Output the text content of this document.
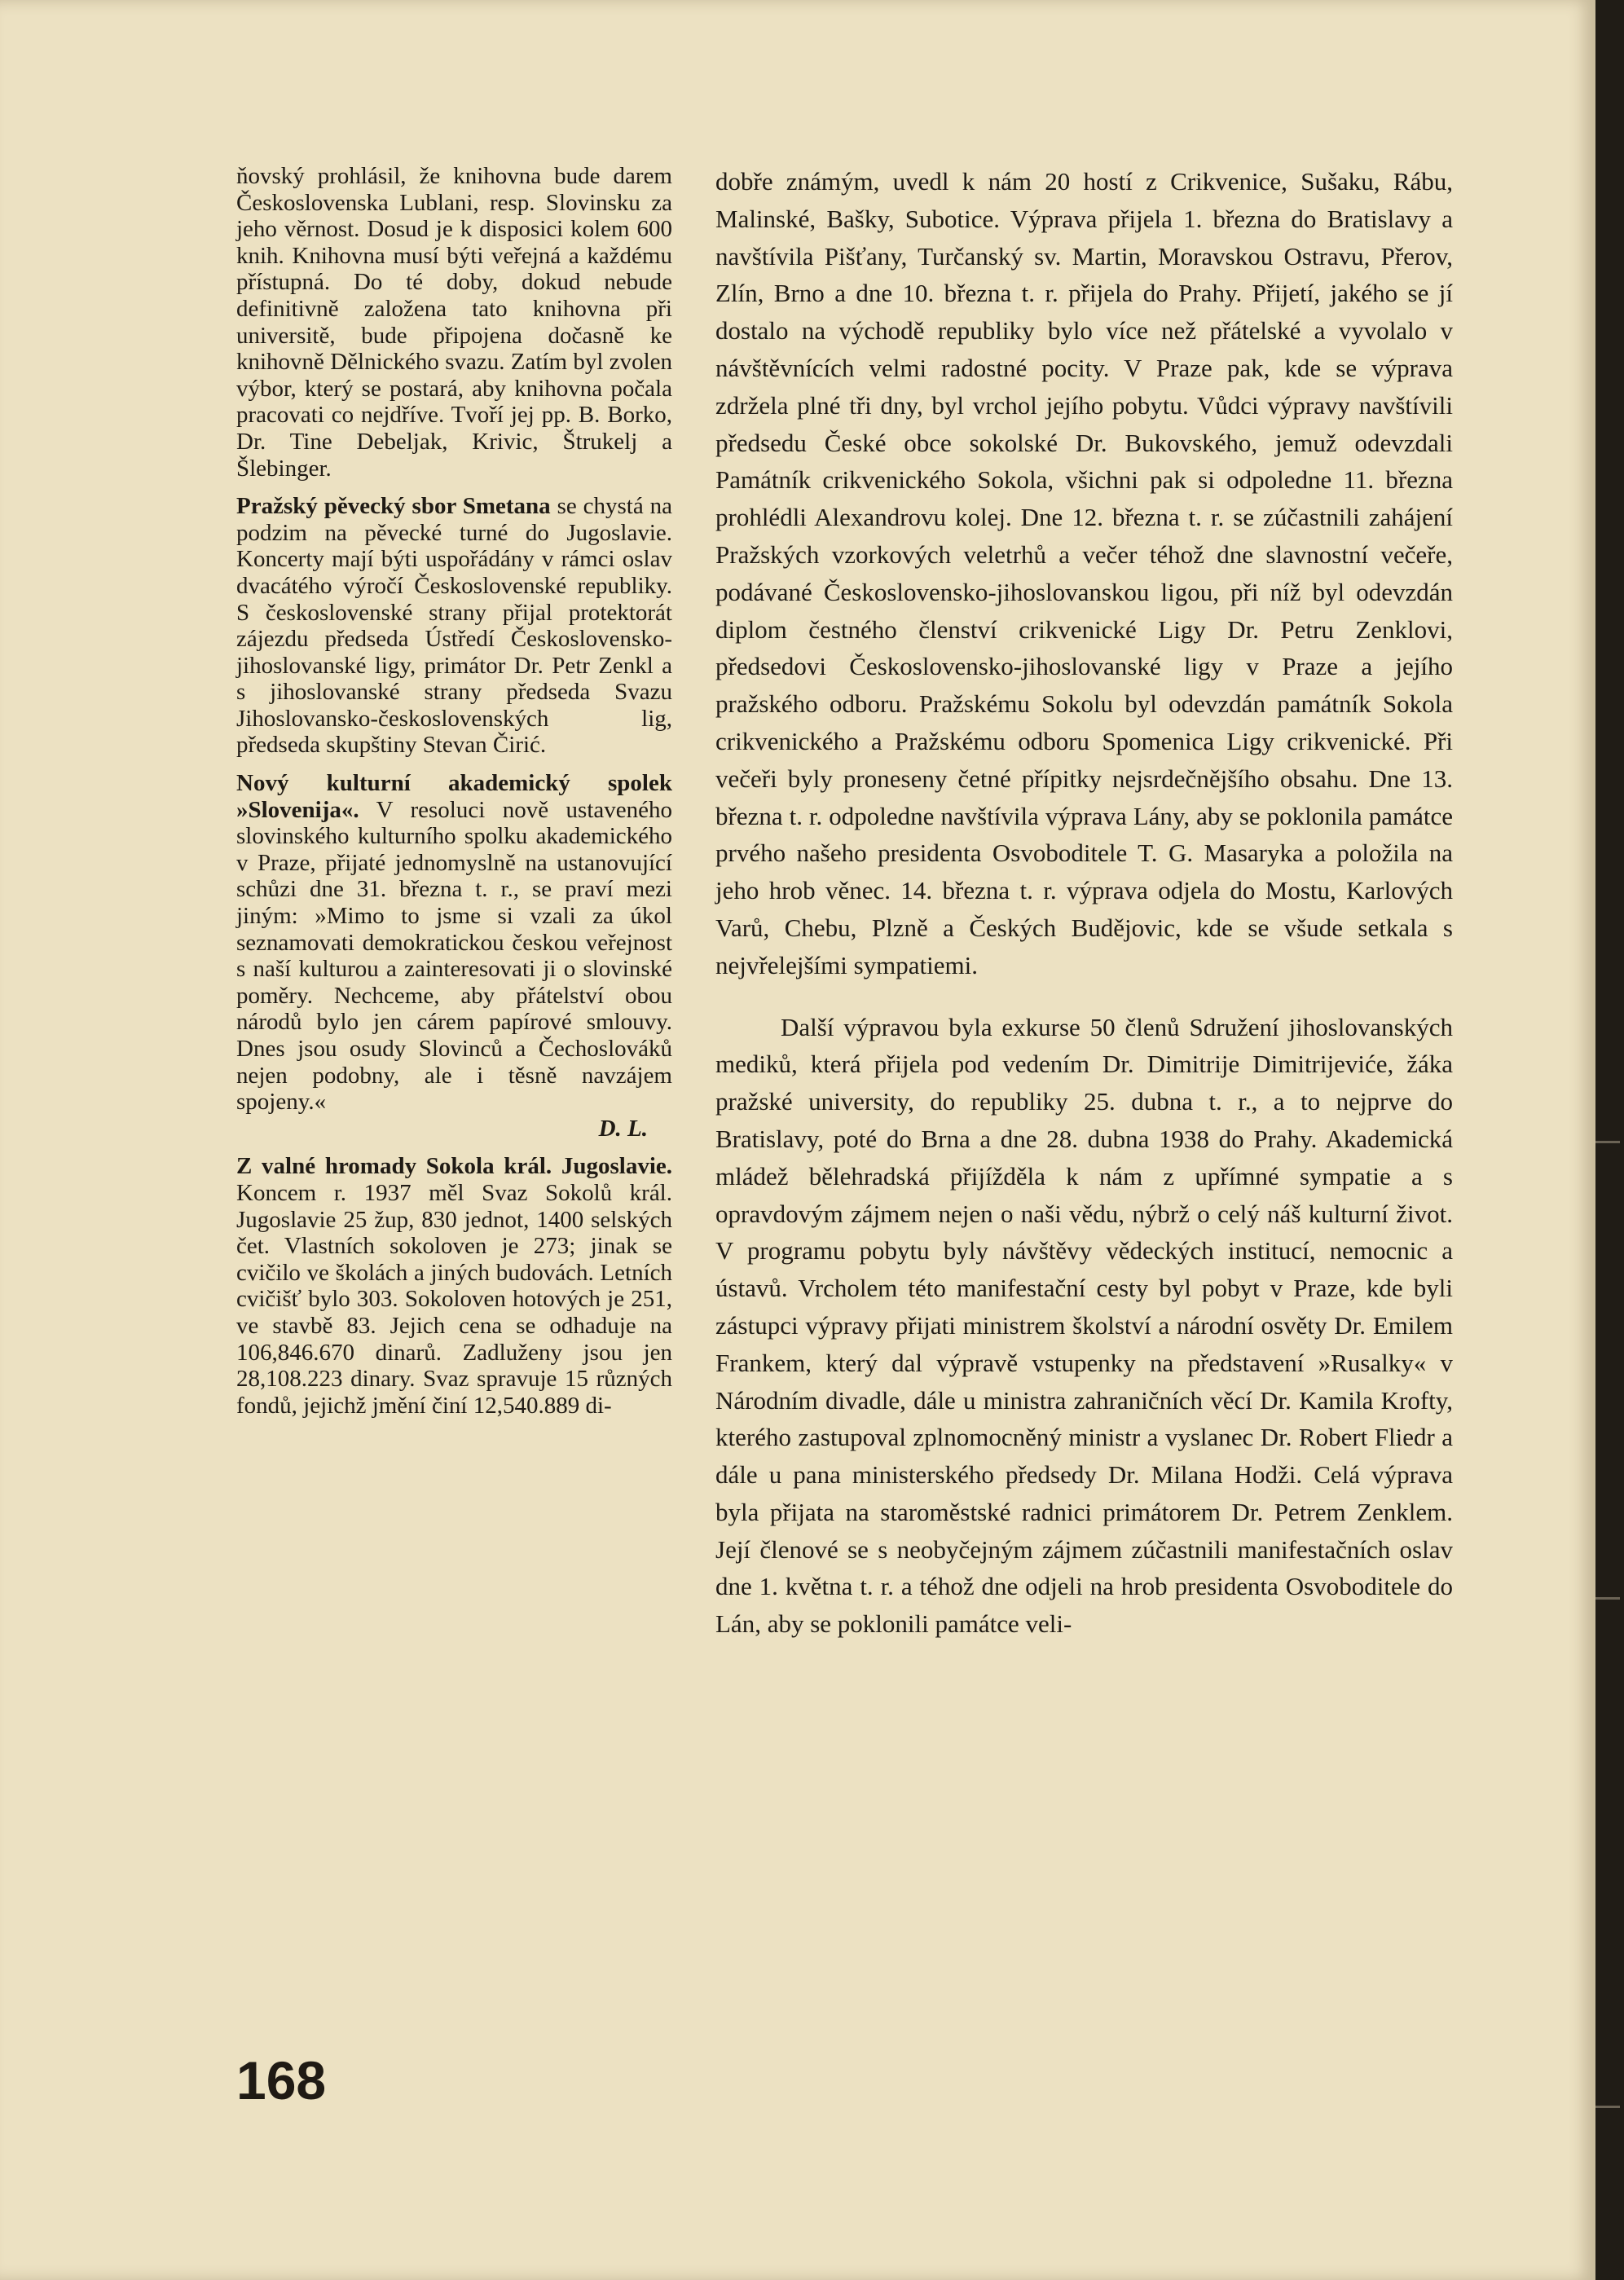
ňovský prohlásil, že knihovna bude darem Československa Lublani, resp. Slovinsku za jeho věrnost. Dosud je k disposici kolem 600 knih. Knihovna musí býti veřejná a každému přístupná. Do té doby, dokud nebude definitivně založena tato knihovna při universitě, bude připojena dočasně ke knihovně Dělnického svazu. Zatím byl zvolen výbor, který se postará, aby knihovna počala pracovati co nejdříve. Tvoří jej pp. B. Borko, Dr. Tine Debeljak, Krivic, Štrukelj a Šlebinger.

Pražský pěvecký sbor Smetana se chystá na podzim na pěvecké turné do Jugoslavie. Koncerty mají býti uspořádány v rámci oslav dvacátého výročí Československé republiky. S československé strany přijal protektorát zájezdu předseda Ústředí Československo-jihoslovanské ligy, primátor Dr. Petr Zenkl a s jihoslovanské strany předseda Svazu Jihoslovansko-československých lig, předseda skupštiny Stevan Čirić.

Nový kulturní akademický spolek »Slovenija«. V resoluci nově ustaveného slovinského kulturního spolku akademického v Praze, přijaté jednomyslně na ustanovující schůzi dne 31. března t. r., se praví mezi jiným: »Mimo to jsme si vzali za úkol seznamovati demokratickou českou veřejnost s naší kulturou a zainteresovati ji o slovinské poměry. Nechceme, aby přátelství obou národů bylo jen cárem papírové smlouvy. Dnes jsou osudy Slovinců a Čechoslováků nejen podobny, ale i těsně navzájem spojeny.«

D. L.

Z valné hromady Sokola král. Jugoslavie. Koncem r. 1937 měl Svaz Sokolů král. Jugoslavie 25 žup, 830 jednot, 1400 selských čet. Vlastních sokoloven je 273; jinak se cvičilo ve školách a jiných budovách. Letních cvičišť bylo 303. Sokoloven hotových je 251, ve stavbě 83. Jejich cena se odhaduje na 106,846.670 dinarů. Zadluženy jsou jen 28,108.223 dinary. Svaz spravuje 15 různých fondů, jejichž jmění činí 12,540.889 di-

dobře známým, uvedl k nám 20 hostí z Crikvenice, Sušaku, Rábu, Malinské, Bašky, Subotice. Výprava přijela 1. března do Bratislavy a navštívila Pišťany, Turčanský sv. Martin, Moravskou Ostravu, Přerov, Zlín, Brno a dne 10. března t. r. přijela do Prahy. Přijetí, jakého se jí dostalo na východě republiky bylo více než přátelské a vyvolalo v návštěvnících velmi radostné pocity. V Praze pak, kde se výprava zdržela plné tři dny, byl vrchol jejího pobytu. Vůdci výpravy navštívili předsedu České obce sokolské Dr. Bukovského, jemuž odevzdali Památník crikvenického Sokola, všichni pak si odpoledne 11. března prohlédli Alexandrovu kolej. Dne 12. března t. r. se zúčastnili zahájení Pražských vzorkových veletrhů a večer téhož dne slavnostní večeře, podávané Československo-jihoslovanskou ligou, při níž byl odevzdán diplom čestného členství crikvenické Ligy Dr. Petru Zenklovi, předsedovi Československo-jihoslovanské ligy v Praze a jejího pražského odboru. Pražskému Sokolu byl odevzdán památník Sokola crikvenického a Pražskému odboru Spomenica Ligy crikvenické. Při večeři byly proneseny četné přípitky nejsrdečnějšího obsahu. Dne 13. března t. r. odpoledne navštívila výprava Lány, aby se poklonila památce prvého našeho presidenta Osvoboditele T. G. Masaryka a položila na jeho hrob věnec. 14. března t. r. výprava odjela do Mostu, Karlových Varů, Chebu, Plzně a Českých Budějovic, kde se všude setkala s nejvřelejšími sympatiemi.

Další výpravou byla exkurse 50 členů Sdružení jihoslovanských mediků, která přijela pod vedením Dr. Dimitrije Dimitrijeviće, žáka pražské university, do republiky 25. dubna t. r., a to nejprve do Bratislavy, poté do Brna a dne 28. dubna 1938 do Prahy. Akademická mládež bělehradská přijížděla k nám z upřímné sympatie a s opravdovým zájmem nejen o naši vědu, nýbrž o celý náš kulturní život. V programu pobytu byly návštěvy vědeckých institucí, nemocnic a ústavů. Vrcholem této manifestační cesty byl pobyt v Praze, kde byli zástupci výpravy přijati ministrem školství a národní osvěty Dr. Emilem Frankem, který dal výpravě vstupenky na představení »Rusalky« v Národním divadle, dále u ministra zahraničních věcí Dr. Kamila Krofty, kterého zastupoval zplnomocněný ministr a vyslanec Dr. Robert Fliedr a dále u pana ministerského předsedy Dr. Milana Hodži. Celá výprava byla přijata na staroměstské radnici primátorem Dr. Petrem Zenklem. Její členové se s neobyčejným zájmem zúčastnili manifestačních oslav dne 1. května t. r. a téhož dne odjeli na hrob presidenta Osvoboditele do Lán, aby se poklonili památce veli-

168
